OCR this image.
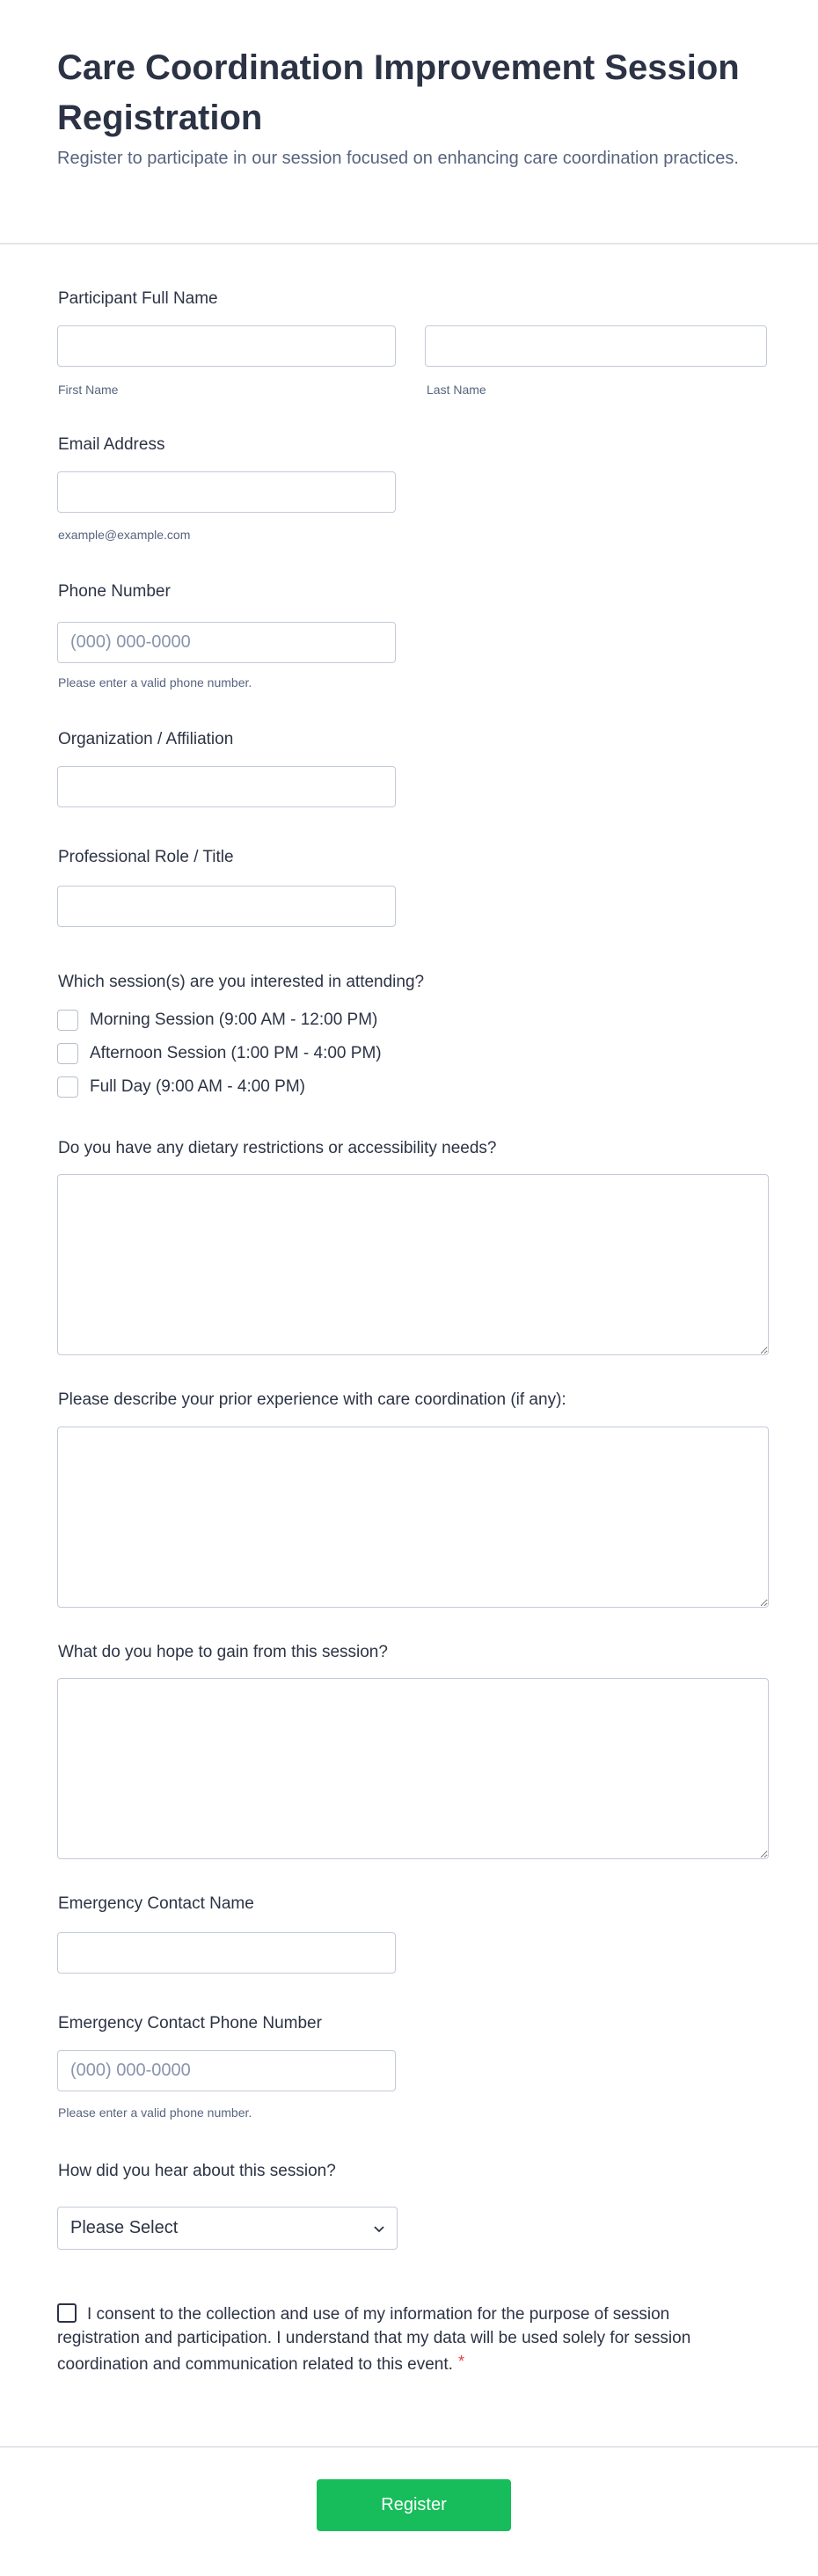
Care Coordination Improvement Session Registration
Register to participate in our session focused on enhancing care coordination practices.
Participant Full Name
First Name	Last Name
Email Address
example@example.com
Phone Number
(000) 000-0000
Please enter a valid phone number.
Organization / Affiliation
Professional Role / Title
Which session(s) are you interested in attending?
Morning Session (9:00 AM - 12:00 PM)
Afternoon Session (1:00 PM - 4:00 PM)
Full Day (9:00 AM - 4:00 PM)
Do you have any dietary restrictions or accessibility needs?
Please describe your prior experience with care coordination (if any):
What do you hope to gain from this session?
Emergency Contact Name
Emergency Contact Phone Number
(000) 000-0000
Please enter a valid phone number.
How did you hear about this session?
Please Select
I consent to the collection and use of my information for the purpose of session registration and participation. I understand that my data will be used solely for session coordination and communication related to this event. *
Register
